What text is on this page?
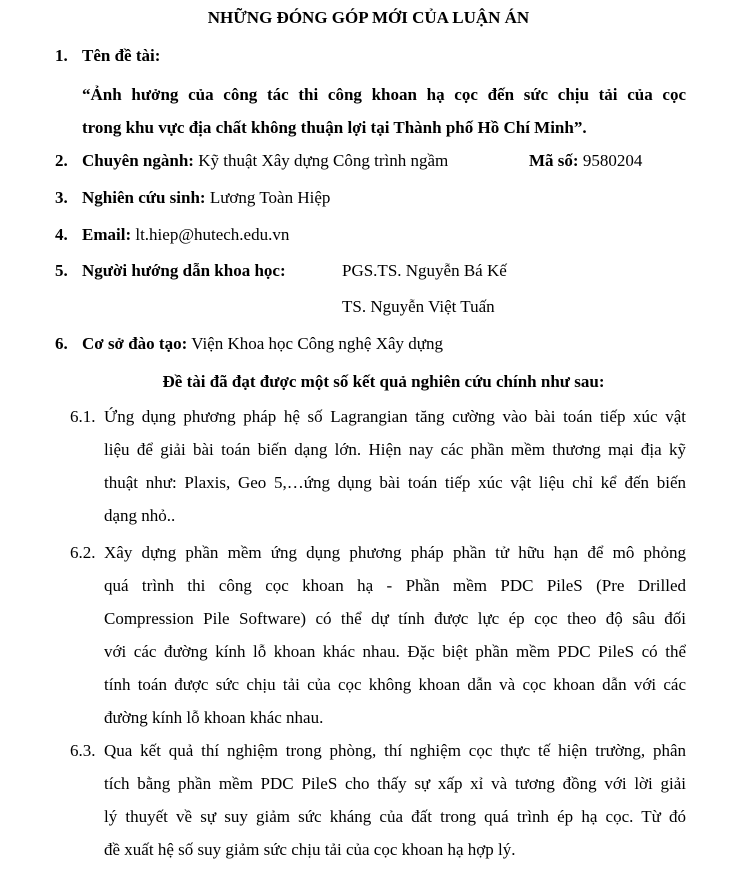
NHỮNG ĐÓNG GÓP MỚI CỦA LUẬN ÁN
1. Tên đề tài:
“Ảnh hưởng của công tác thi công khoan hạ cọc đến sức chịu tải của cọc
trong khu vực địa chất không thuận lợi tại Thành phố Hồ Chí Minh”.
2. Chuyên ngành: Kỹ thuật Xây dựng Công trình ngầm	Mã số: 9580204
3. Nghiên cứu sinh: Lương Toàn Hiệp
4. Email: lt.hiep@hutech.edu.vn
5. Người hướng dẫn khoa học:	PGS.TS. Nguyễn Bá Kế
TS. Nguyễn Việt Tuấn
6. Cơ sở đào tạo: Viện Khoa học Công nghệ Xây dựng
Đề tài đã đạt được một số kết quả nghiên cứu chính như sau:
6.1. Ứng dụng phương pháp hệ số Lagrangian tăng cường vào bài toán tiếp xúc vật
liệu để giải bài toán biến dạng lớn. Hiện nay các phần mềm thương mại địa kỹ
thuật như: Plaxis, Geo 5,…ứng dụng bài toán tiếp xúc vật liệu chỉ kể đến biến
dạng nhỏ..
6.2. Xây dựng phần mềm ứng dụng phương pháp phần tử hữu hạn để mô phỏng
quá trình thi công cọc khoan hạ - Phần mềm PDC PileS (Pre Drilled
Compression Pile Software) có thể dự tính được lực ép cọc theo độ sâu đối
với các đường kính lỗ khoan khác nhau. Đặc biệt phần mềm PDC PileS có thể
tính toán được sức chịu tải của cọc không khoan dẫn và cọc khoan dẫn với các
đường kính lỗ khoan khác nhau.
6.3. Qua kết quả thí nghiệm trong phòng, thí nghiệm cọc thực tế hiện trường, phân
tích bằng phần mềm PDC PileS cho thấy sự xấp xỉ và tương đồng với lời giải
lý thuyết về sự suy giảm sức kháng của đất trong quá trình ép hạ cọc. Từ đó
đề xuất hệ số suy giảm sức chịu tải của cọc khoan hạ hợp lý.
